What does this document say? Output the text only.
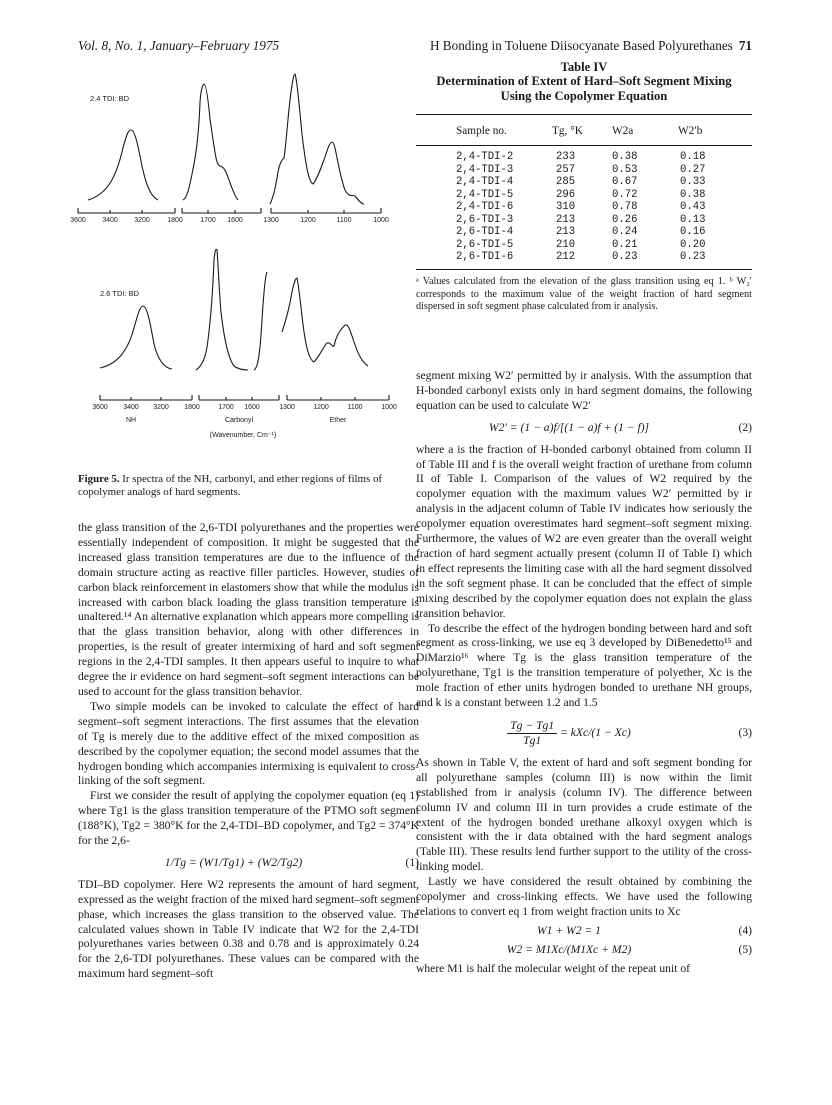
Vol. 8, No. 1, January–February 1975	H Bonding in Toluene Diisocyanate Based Polyurethanes 71
2.4 TDI: BD
2.6 TDI: BD
3600 3400 3200 1800 1700 1600	1300	1200	1100	1000
3600 3400 3200 1800	1700 1600	1300	1200	1100	1000
NH	Carbonyl	Ether
(Wavenumber, Cm⁻¹)
Figure 5. Ir spectra of the NH, carbonyl, and ether regions of films of copolymer analogs of hard segments.

the glass transition of the 2,6-TDI polyurethanes and the properties were essentially independent of composition. It might be suggested that the increased glass transition temperatures are due to the influence of the domain structure acting as reactive filler particles. However, studies of carbon black reinforcement in elastomers show that while the modulus is increased with carbon black loading the glass transition temperature is unaltered.¹⁴ An alternative explanation which appears more compelling is that the glass transition behavior, along with other differences in properties, is the result of greater intermixing of hard and soft segment regions in the 2,4-TDI samples. It then appears useful to inquire to what degree the ir evidence on hard segment–soft segment interactions can be used to account for the glass transition behavior.

Two simple models can be invoked to calculate the effect of hard segment–soft segment interactions. The first assumes that the elevation of Tg is merely due to the additive effect of the mixed composition as described by the copolymer equation; the second model assumes that the hydrogen bonding which accompanies intermixing is equivalent to cross-linking of the soft segment.

First we consider the result of applying the copolymer equation (eq 1) where Tg1 is the glass transition temperature of the PTMO soft segment (188°K), Tg2 = 380°K for the 2,4-TDI–BD copolymer, and Tg2 = 374°K for the 2,6-

1/Tg = (W1/Tg1) + (W2/Tg2)	(1)

TDI–BD copolymer. Here W2 represents the amount of hard segment, expressed as the weight fraction of the mixed hard segment–soft segment phase, which increases the glass transition to the observed value. The calculated values shown in Table IV indicate that W2 for the 2,4-TDI polyurethanes varies between 0.38 and 0.78 and is approximately 0.24 for the 2,6-TDI polyurethanes. These values can be compared with the maximum hard segment–soft

Table IV
Determination of Extent of Hard–Soft Segment Mixing
Using the Copolymer Equation
Sample no.	Tg, °K	W2a	W2′b
2,4-TDI-2	233	0.38	0.18
2,4-TDI-3	257	0.53	0.27
2,4-TDI-4	285	0.67	0.33
2,4-TDI-5	296	0.72	0.38
2,4-TDI-6	310	0.78	0.43
2,6-TDI-3	213	0.26	0.13
2,6-TDI-4	213	0.24	0.16
2,6-TDI-5	210	0.21	0.20
2,6-TDI-6	212	0.23	0.23
ᵃ Values calculated from the elevation of the glass transition using eq 1. ᵇ W₂′ corresponds to the maximum value of the weight fraction of hard segment dispersed in soft segment phase calculated from ir analysis.

segment mixing W2′ permitted by ir analysis. With the assumption that H-bonded carbonyl exists only in hard segment domains, the following equation can be used to calculate W2′

W2′ = (1 − a)f/[(1 − a)f + (1 − f)]	(2)

where a is the fraction of H-bonded carbonyl obtained from column II of Table III and f is the overall weight fraction of urethane from column II of Table I. Comparison of the values of W2 required by the copolymer equation with the maximum values W2′ permitted by ir analysis in the adjacent column of Table IV indicates how seriously the copolymer equation overestimates hard segment–soft segment mixing. Furthermore, the values of W2 are even greater than the overall weight fraction of hard segment actually present (column II of Table I) which in effect represents the limiting case with all the hard segment dissolved in the soft segment phase. It can be concluded that the effect of simple mixing described by the copolymer equation does not explain the glass transition behavior.

To describe the effect of the hydrogen bonding between hard and soft segment as cross-linking, we use eq 3 developed by DiBenedetto¹⁵ and DiMarzio¹⁶ where Tg is the glass transition temperature of the polyurethane, Tg1 is the transition temperature of polyether, Xc is the mole fraction of ether units hydrogen bonded to urethane NH groups, and k is a constant between 1.2 and 1.5

$\frac{Tg - Tg1}{Tg1} = kXc/(1 - Xc)$	(3)

As shown in Table V, the extent of hard and soft segment bonding for all polyurethane samples (column III) is now within the limit established from ir analysis (column IV). The difference between column IV and column III in turn provides a crude estimate of the extent of the hydrogen bonded urethane alkoxyl oxygen which is consistent with the ir data obtained with the hard segment analogs (Table III). These results lend further support to the utility of the cross-linking model.

Lastly we have considered the result obtained by combining the copolymer and cross-linking effects. We have used the following relations to convert eq 1 from weight fraction units to Xc

W1 + W2 = 1	(4)
W2 = M1Xc/(M1Xc + M2)	(5)

where M1 is half the molecular weight of the repeat unit of
